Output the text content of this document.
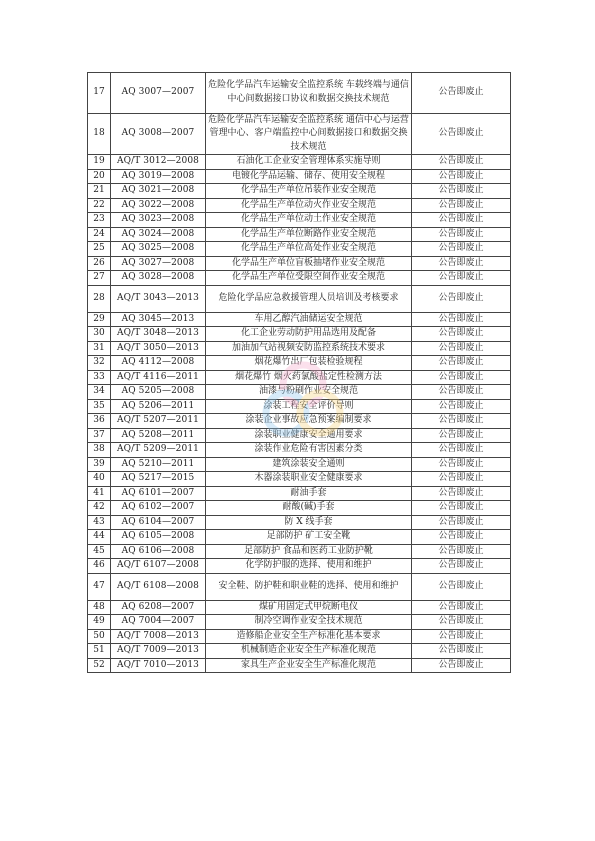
17	AQ 3007—2007	危险化学品汽车运输安全监控系统 车载终端与通信中心间数据接口协议和数据交换技术规范	公告即废止
18	AQ 3008—2007	危险化学品汽车运输安全监控系统 通信中心与运营管理中心、客户端监控中心间数据接口和数据交换技术规范	公告即废止
19	AQ/T 3012—2008	石油化工企业安全管理体系实施导则	公告即废止
20	AQ 3019—2008	电镀化学品运输、储存、使用安全规程	公告即废止
21	AQ 3021—2008	化学品生产单位吊装作业安全规范	公告即废止
22	AQ 3022—2008	化学品生产单位动火作业安全规范	公告即废止
23	AQ 3023—2008	化学品生产单位动土作业安全规范	公告即废止
24	AQ 3024—2008	化学品生产单位断路作业安全规范	公告即废止
25	AQ 3025—2008	化学品生产单位高处作业安全规范	公告即废止
26	AQ 3027—2008	化学品生产单位盲板抽堵作业安全规范	公告即废止
27	AQ 3028—2008	化学品生产单位受限空间作业安全规范	公告即废止
28	AQ/T 3043—2013	危险化学品应急救援管理人员培训及考核要求	公告即废止
29	AQ 3045—2013	车用乙醇汽油储运安全规范	公告即废止
30	AQ/T 3048—2013	化工企业劳动防护用品选用及配备	公告即废止
31	AQ/T 3050—2013	加油加气站视频安防监控系统技术要求	公告即废止
32	AQ 4112—2008	烟花爆竹出厂包装检验规程	公告即废止
33	AQ/T 4116—2011	烟花爆竹 烟火药氯酸盐定性检测方法	公告即废止
34	AQ 5205—2008	油漆与粉刷作业安全规范	公告即废止
35	AQ 5206—2011	涂装工程安全评价导则	公告即废止
36	AQ/T 5207—2011	涂装企业事故应急预案编制要求	公告即废止
37	AQ 5208—2011	涂装职业健康安全通用要求	公告即废止
38	AQ/T 5209—2011	涂装作业危险有害因素分类	公告即废止
39	AQ 5210—2011	建筑涂装安全通则	公告即废止
40	AQ 5217—2015	木器涂装职业安全健康要求	公告即废止
41	AQ 6101—2007	耐油手套	公告即废止
42	AQ 6102—2007	耐酸(碱)手套	公告即废止
43	AQ 6104—2007	防 X 线手套	公告即废止
44	AQ 6105—2008	足部防护 矿工安全靴	公告即废止
45	AQ 6106—2008	足部防护 食品和医药工业防护靴	公告即废止
46	AQ/T 6107—2008	化学防护服的选择、使用和维护	公告即废止
47	AQ/T 6108—2008	安全鞋、防护鞋和职业鞋的选择、使用和维护	公告即废止
48	AQ 6208—2007	煤矿用固定式甲烷断电仪	公告即废止
49	AQ 7004—2007	制冷空调作业安全技术规范	公告即废止
50	AQ/T 7008—2013	造修船企业安全生产标准化基本要求	公告即废止
51	AQ/T 7009—2013	机械制造企业安全生产标准化规范	公告即废止
52	AQ/T 7010—2013	家具生产企业安全生产标准化规范	公告即废止
